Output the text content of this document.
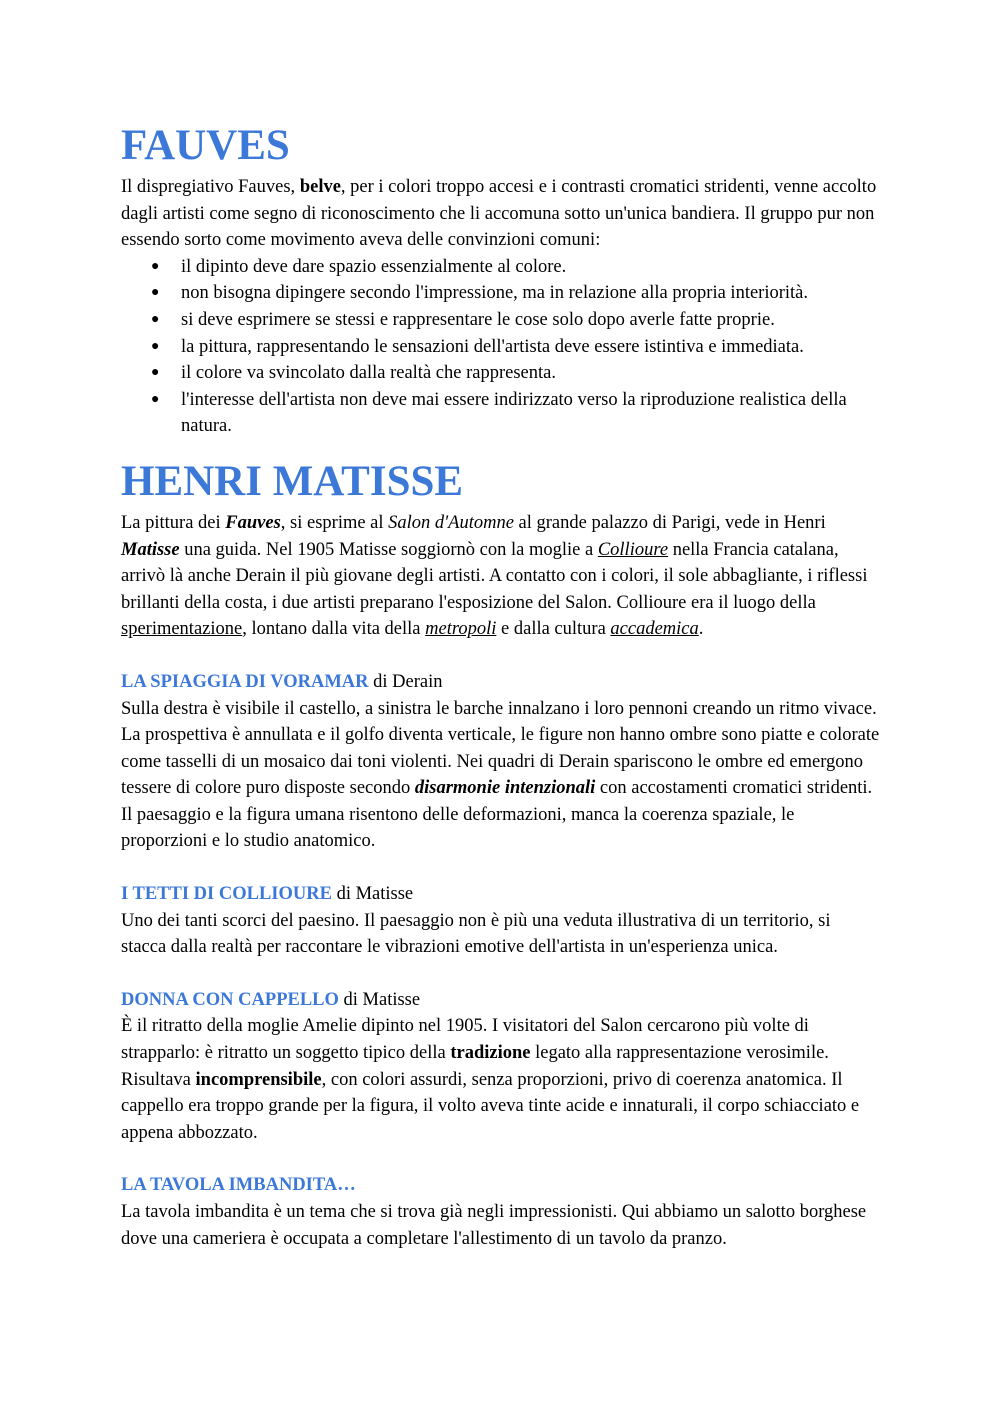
FAUVES

Il dispregiativo Fauves, belve, per i colori troppo accesi e i contrasti cromatici stridenti, venne accolto dagli artisti come segno di riconoscimento che li accomuna sotto un'unica bandiera. Il gruppo pur non essendo sorto come movimento aveva delle convinzioni comuni:

● il dipinto deve dare spazio essenzialmente al colore.
● non bisogna dipingere secondo l'impressione, ma in relazione alla propria interiorità.
● si deve esprimere se stessi e rappresentare le cose solo dopo averle fatte proprie.
● la pittura, rappresentando le sensazioni dell'artista deve essere istintiva e immediata.
● il colore va svincolato dalla realtà che rappresenta.
● l'interesse dell'artista non deve mai essere indirizzato verso la riproduzione realistica della natura.
HENRI MATISSE

La pittura dei Fauves, si esprime al Salon d'Automne al grande palazzo di Parigi, vede in Henri Matisse una guida. Nel 1905 Matisse soggiornò con la moglie a Collioure nella Francia catalana, arrivò là anche Derain il più giovane degli artisti. A contatto con i colori, il sole abbagliante, i riflessi brillanti della costa, i due artisti preparano l'esposizione del Salon. Collioure era il luogo della sperimentazione, lontano dalla vita della metropoli e dalla cultura accademica.

LA SPIAGGIA DI VORAMAR di Derain

Sulla destra è visibile il castello, a sinistra le barche innalzano i loro pennoni creando un ritmo vivace. La prospettiva è annullata e il golfo diventa verticale, le figure non hanno ombre sono piatte e colorate come tasselli di un mosaico dai toni violenti. Nei quadri di Derain spariscono le ombre ed emergono tessere di colore puro disposte secondo disarmonie intenzionali con accostamenti cromatici stridenti. Il paesaggio e la figura umana risentono delle deformazioni, manca la coerenza spaziale, le proporzioni e lo studio anatomico.

I TETTI DI COLLIOURE di Matisse

Uno dei tanti scorci del paesino. Il paesaggio non è più una veduta illustrativa di un territorio, si stacca dalla realtà per raccontare le vibrazioni emotive dell'artista in un'esperienza unica.

DONNA CON CAPPELLO di Matisse

È il ritratto della moglie Amelie dipinto nel 1905. I visitatori del Salon cercarono più volte di strapparlo: è ritratto un soggetto tipico della tradizione legato alla rappresentazione verosimile. Risultava incomprensibile, con colori assurdi, senza proporzioni, privo di coerenza anatomica. Il cappello era troppo grande per la figura, il volto aveva tinte acide e innaturali, il corpo schiacciato e appena abbozzato.

LA TAVOLA IMBANDITA…

La tavola imbandita è un tema che si trova già negli impressionisti. Qui abbiamo un salotto borghese dove una cameriera è occupata a completare l'allestimento di un tavolo da pranzo.
